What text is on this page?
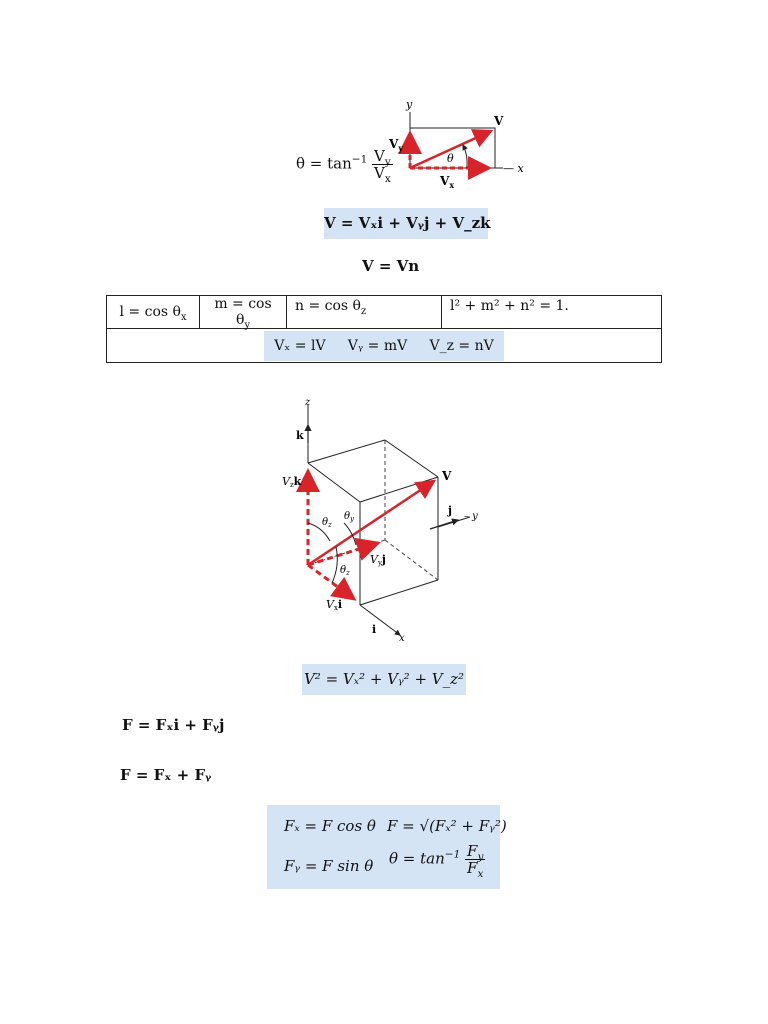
$\theta = \tan^{-1} \frac{V_y}{V_x}$
y
V
$V_y$
θ
— x
$V_x$
V = Vₓi + Vᵧj + V_zk
V = Vn
$l = \cos \theta_x$	$m = \cos \theta_y$	$n = \cos \theta_z$	l² + m² + n² = 1.
Vₓ = lV     Vᵧ = mV     V_z = nV
z
k
Vzk	V
j – y
$\theta_z$
$\theta_y$
Vyj
$\theta_z$
Vxi
i
x
V² = Vₓ² + Vᵧ² + V_z²
F = Fₓi + Fᵧj
F = Fₓ + Fᵧ
Fₓ = F cos θ F = √(Fₓ² + Fᵧ²)
Fᵧ = F sin θ $\theta = \tan^{-1} \frac{F_y}{F_x}$
